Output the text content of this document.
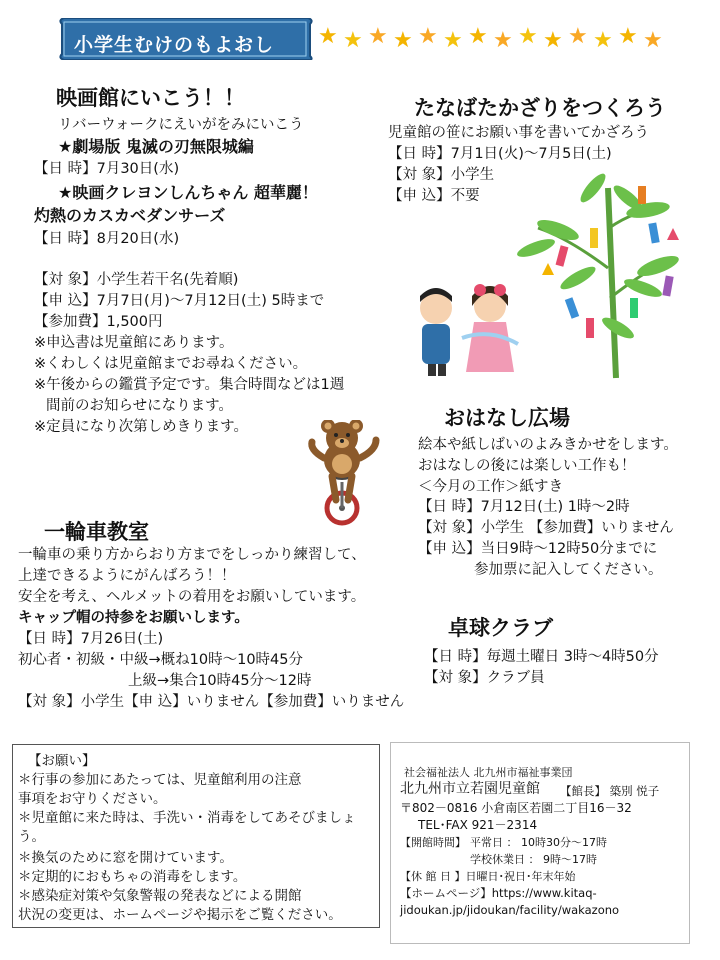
小学生むけのもよおし ★ ★ ★ ★ ★ ★ ★ ★ ★ ★ ★ ★ ★ ★
映画館にいこう！！
リバーウォークにえいがをみにいこう
★劇場版 鬼滅の刃無限城編
【日 時】7月30日(水)
★映画クレヨンしんちゃん 超華麗！
灼熱のカスカベダンサーズ
【日 時】8月20日(水)
【対 象】小学生若干名(先着順)
【申 込】7月7日(月)～7月12日(土) 5時まで
【参加費】1,500円
※申込書は児童館にあります。
※くわしくは児童館までお尋ねください。
※午後からの鑑賞予定です。集合時間などは1週
間前のお知らせになります。
※定員になり次第しめきります。
たなばたかざりをつくろう
児童館の笹にお願い事を書いてかざろう
【日 時】7月1日(火)～7月5日(土)
【対 象】小学生
【申 込】不要
おはなし広場
絵本や紙しばいのよみきかせをします。
おはなしの後には楽しい工作も！
＜今月の工作＞紙すき
【日 時】7月12日(土) 1時～2時
【対 象】小学生 【参加費】いりません
【申 込】当日9時～12時50分までに
参加票に記入してください。
一輪車教室
一輪車の乗り方からおり方までをしっかり練習して、
上達できるようにがんばろう！！
安全を考え、ヘルメットの着用をお願いしています。
キャップ帽の持参をお願いします。
【日 時】7月26日(土)
初心者・初級・中級→概ね10時～10時45分
上級→集合10時45分～12時
【対 象】小学生【申 込】いりません【参加費】いりません
卓球クラブ
【日 時】毎週土曜日 3時～4時50分
【対 象】クラブ員
【お願い】
＊行事の参加にあたっては、児童館利用の注意
事項をお守りください。
＊児童館に来た時は、手洗い・消毒をしてあそびましょ
う。
＊換気のために窓を開けています。
＊定期的におもちゃの消毒をします。
＊感染症対策や気象警報の発表などによる開館
状況の変更は、ホームページや掲示をご覧ください。
社会福祉法人 北九州市福祉事業団
北九州市立若園児童館 【館長】 築別 悦子
〒802－0816 小倉南区若園二丁目16－32
TEL･FAX 921－2314
【開館時間】 平常日 ： 10時30分～17時
学校休業日 ： 9時～17時
【休 館 日 】日曜日･祝日･年末年始
【ホームページ】https://www.kitaq-
jidoukan.jp/jidoukan/facility/wakazono
